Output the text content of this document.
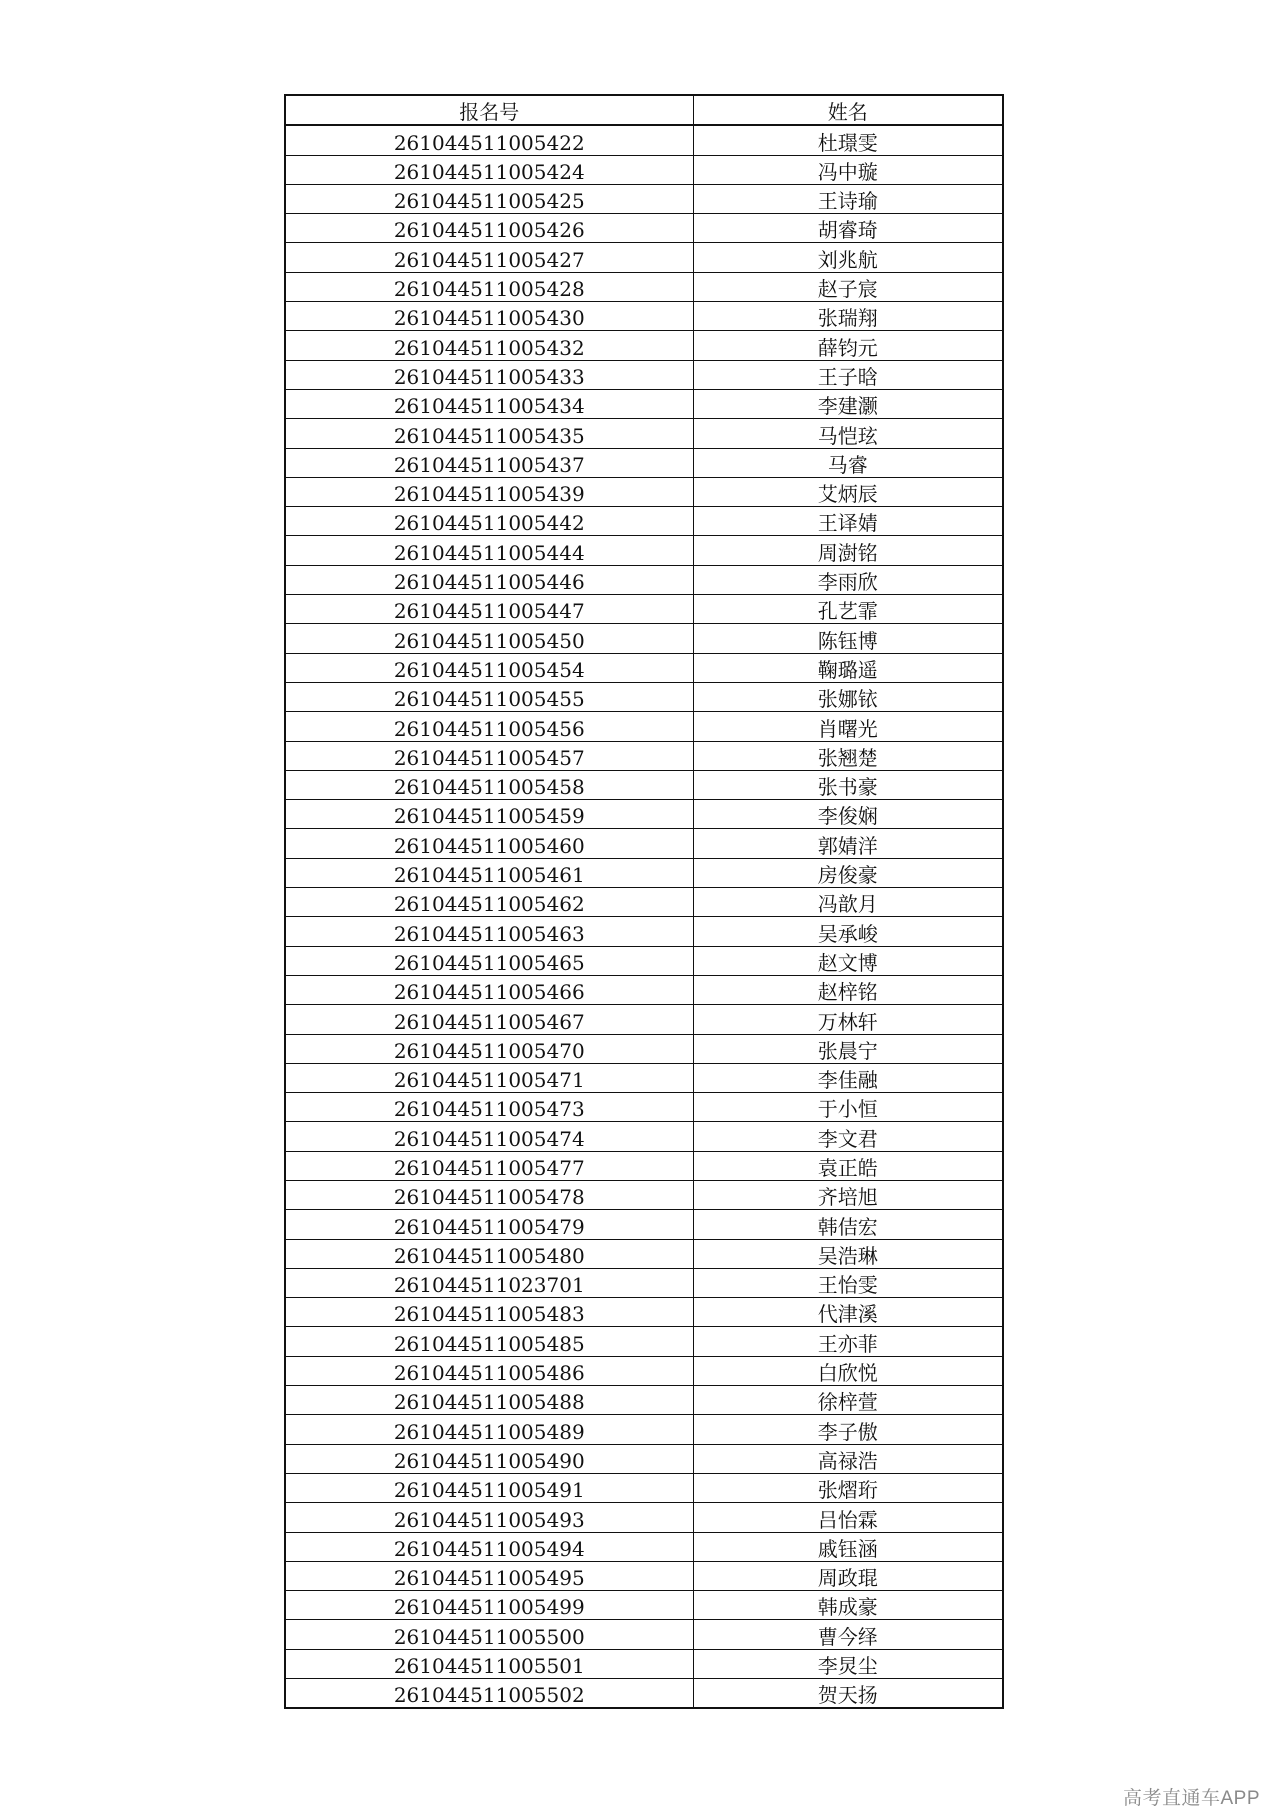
报名号	姓名
261044511005422	杜璟雯
261044511005424	冯中璇
261044511005425	王诗瑜
261044511005426	胡睿琦
261044511005427	刘兆航
261044511005428	赵子宸
261044511005430	张瑞翔
261044511005432	薛钧元
261044511005433	王子晗
261044511005434	李建灏
261044511005435	马恺玹
261044511005437	马睿
261044511005439	艾炳辰
261044511005442	王译婧
261044511005444	周澍铭
261044511005446	李雨欣
261044511005447	孔艺霏
261044511005450	陈钰博
261044511005454	鞠璐遥
261044511005455	张娜铱
261044511005456	肖曙光
261044511005457	张翘楚
261044511005458	张书豪
261044511005459	李俊娴
261044511005460	郭婧洋
261044511005461	房俊豪
261044511005462	冯歆月
261044511005463	吴承峻
261044511005465	赵文博
261044511005466	赵梓铭
261044511005467	万林轩
261044511005470	张晨宁
261044511005471	李佳融
261044511005473	于小恒
261044511005474	李文君
261044511005477	袁正皓
261044511005478	齐培旭
261044511005479	韩佶宏
261044511005480	吴浩琳
261044511023701	王怡雯
261044511005483	代津溪
261044511005485	王亦菲
261044511005486	白欣悦
261044511005488	徐梓萱
261044511005489	李子傲
261044511005490	高禄浩
261044511005491	张熠珩
261044511005493	吕怡霖
261044511005494	戚钰涵
261044511005495	周政琨
261044511005499	韩成豪
261044511005500	曹今绎
261044511005501	李炅尘
261044511005502	贺天扬
高考直通车APP
